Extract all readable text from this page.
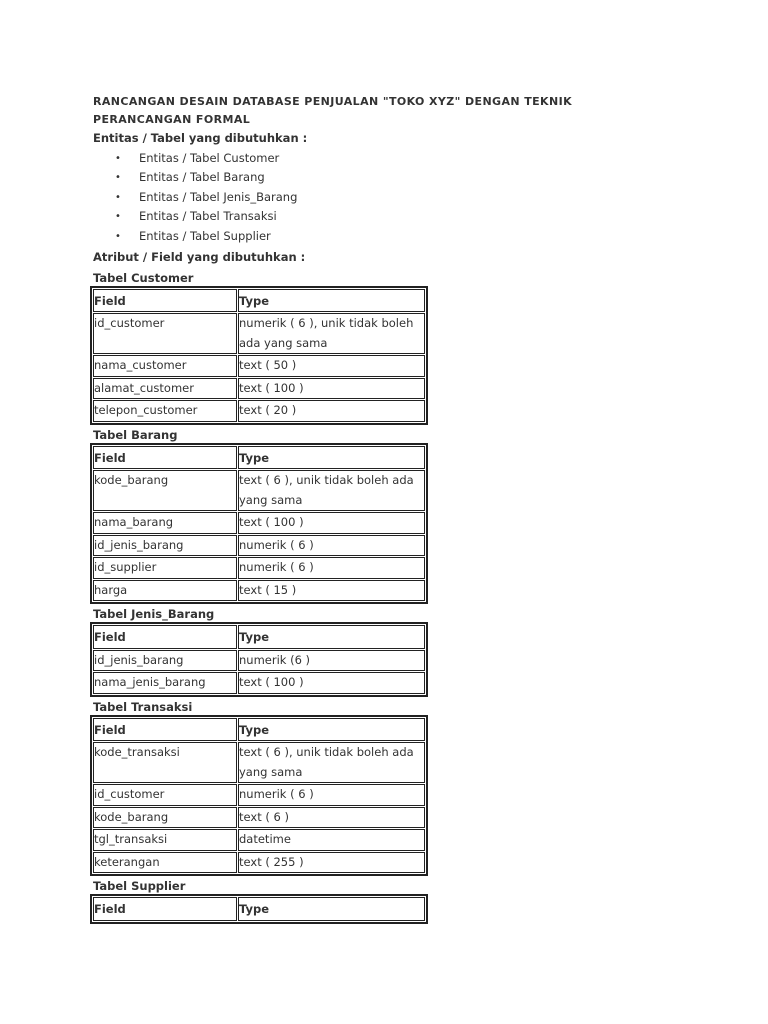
RANCANGAN DESAIN DATABASE PENJUALAN "TOKO XYZ" DENGAN TEKNIK PERANCANGAN FORMAL

Entitas / Tabel yang dibutuhkan :

• Entitas / Tabel Customer
• Entitas / Tabel Barang
• Entitas / Tabel Jenis_Barang
• Entitas / Tabel Transaksi
• Entitas / Tabel Supplier

Atribut / Field yang dibutuhkan :

Tabel Customer

Field	Type
id_customer	numerik ( 6 ), unik tidak boleh ada yang sama
nama_customer	text ( 50 )
alamat_customer	text ( 100 )
telepon_customer	text ( 20 )

Tabel Barang

Field	Type
kode_barang	text ( 6 ), unik tidak boleh ada yang sama
nama_barang	text ( 100 )
id_jenis_barang	numerik ( 6 )
id_supplier	numerik ( 6 )
harga	text ( 15 )

Tabel Jenis_Barang

Field	Type
id_jenis_barang	numerik (6 )
nama_jenis_barang	text ( 100 )

Tabel Transaksi

Field	Type
kode_transaksi	text ( 6 ), unik tidak boleh ada yang sama
id_customer	numerik ( 6 )
kode_barang	text ( 6 )
tgl_transaksi	datetime
keterangan	text ( 255 )

Tabel Supplier

Field	Type
